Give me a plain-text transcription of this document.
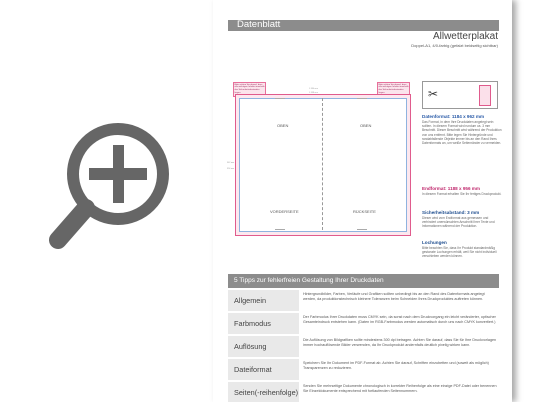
Datenblatt
Allwetterplakat
Doppel-A1, 4/0-farbig (gefalzt beidseitig sichtbar)
Bitte achten Sie darauf, dass alle wichtigen Inhalte innerhalb des Sicherheitsabstandes liegen.
Bitte achten Sie darauf, dass alle wichtigen Inhalte innerhalb des Sicherheitsabstandes liegen.
1.184 mm
1.188 mm
962 mm
956 mm
OBEN	OBEN
VORDERSEITE	RÜCKSEITE
✂
Datenformat: 1184 x 962 mm
Das Format, in dem Ihre Druckdaten angelegt sein sollten. In diesem Format wird rundum ca. 3 mm Beschnitt. Dieser Beschnitt wird während der Produktion von uns entfernt. Bitte legen Sie Hintergründe und randabfallende Objekte immer bis an den Rand Ihres Datenformats an, um weiße Seitenränder zu vermeiden.
Endformat: 1188 x 956 mm
In diesem Format erhalten Sie Ihr fertiges Druckprodukt.
Sicherheitsabstand: 3 mm
Dieser wird vom Endformat aus gemessen und verhindert unerwünschten Anschnitt Ihrer Texte und Informationen während der Produktion.
Lochungen
Bitte beachten Sie, dass Ihr Produkt standardmäßig gestanzte Lochungen erhält, weil Sie nicht individuell verschieben werden können.
5 Tipps zur fehlerfreien Gestaltung Ihrer Druckdaten
Allgemein
Hintergrundbilder, Farben, Verläufe und Grafiken sollten unbedingt bis an den Rand des Datenformats angelegt werden, da produktionstechnisch kleinere Toleranzen beim Schneiden Ihres Druckproduktes auftreten können.
Farbmodus
Der Farbmodus Ihrer Druckdaten muss CMYK sein, da sonst nach dem Druckvorgang ein leicht veränderter, optischer Gesamteindruck entstehen kann. (Daten im RGB-Farbmodus werden automatisch durch uns nach CMYK konvertiert.)
Auflösung
Die Auflösung von Bildgrafiken sollte mindestens 300 dpi betragen. Achten Sie darauf, dass Sie für Ihre Druckvorlagen immer hochauflösende Bilder verwenden, da Ihr Druckprodukt andernfalls deutlich pixelig wirken kann.
Dateiformat
Speichern Sie Ihr Dokument im PDF-Format ab. Achten Sie darauf, Schriften einzubetten und (soweit als möglich) Transparenzen zu reduzieren.
Seiten(-reihenfolge)
Senden Sie mehrseitige Dokumente chronologisch in korrekter Reihenfolge als eine einzige PDF-Datei oder benennen Sie Einzeldokumente entsprechend mit fortlaufenden Seitennummern.
